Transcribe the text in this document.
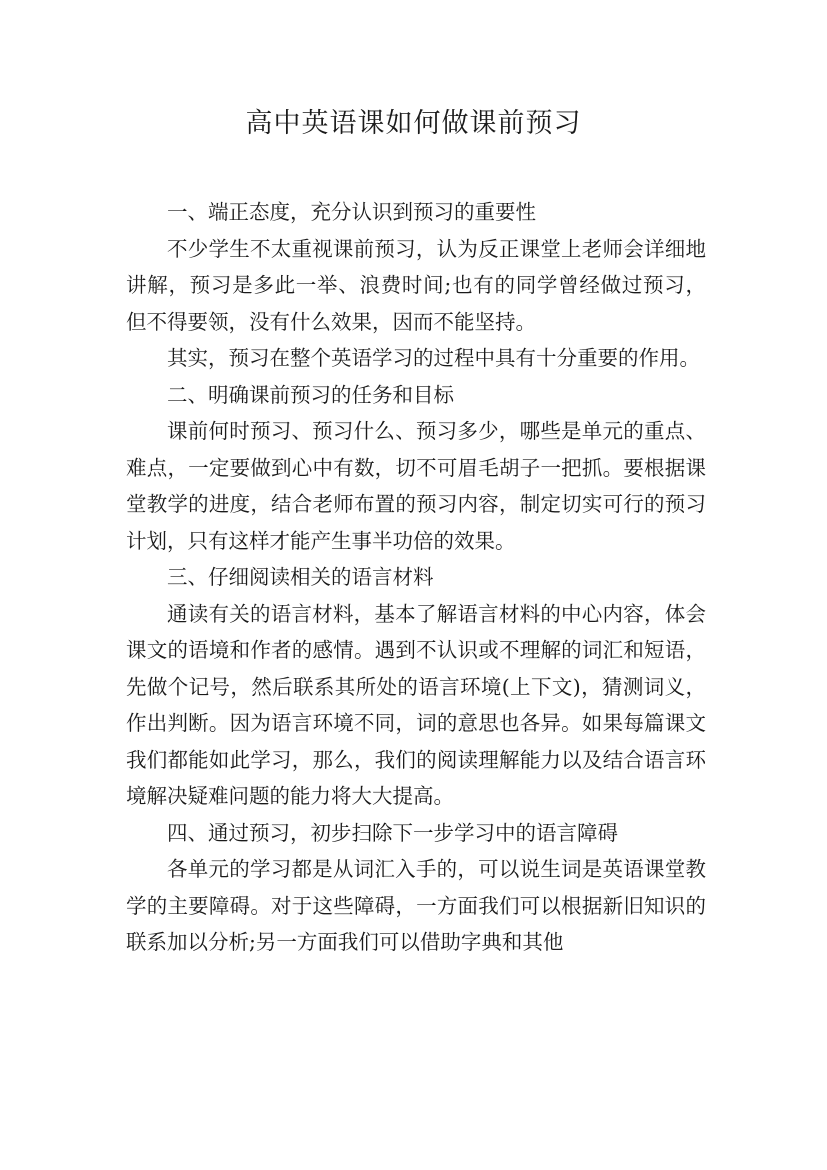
高中英语课如何做课前预习

一、端正态度，充分认识到预习的重要性

不少学生不太重视课前预习，认为反正课堂上老师会详细地讲解，预习是多此一举、浪费时间;也有的同学曾经做过预习，但不得要领，没有什么效果，因而不能坚持。

其实，预习在整个英语学习的过程中具有十分重要的作用。

二、明确课前预习的任务和目标

课前何时预习、预习什么、预习多少，哪些是单元的重点、难点，一定要做到心中有数，切不可眉毛胡子一把抓。要根据课堂教学的进度，结合老师布置的预习内容，制定切实可行的预习计划，只有这样才能产生事半功倍的效果。

三、仔细阅读相关的语言材料

通读有关的语言材料，基本了解语言材料的中心内容，体会课文的语境和作者的感情。遇到不认识或不理解的词汇和短语，先做个记号，然后联系其所处的语言环境(上下文)，猜测词义，作出判断。因为语言环境不同，词的意思也各异。如果每篇课文我们都能如此学习，那么，我们的阅读理解能力以及结合语言环境解决疑难问题的能力将大大提高。

四、通过预习，初步扫除下一步学习中的语言障碍

各单元的学习都是从词汇入手的，可以说生词是英语课堂教学的主要障碍。对于这些障碍，一方面我们可以根据新旧知识的联系加以分析;另一方面我们可以借助字典和其他
